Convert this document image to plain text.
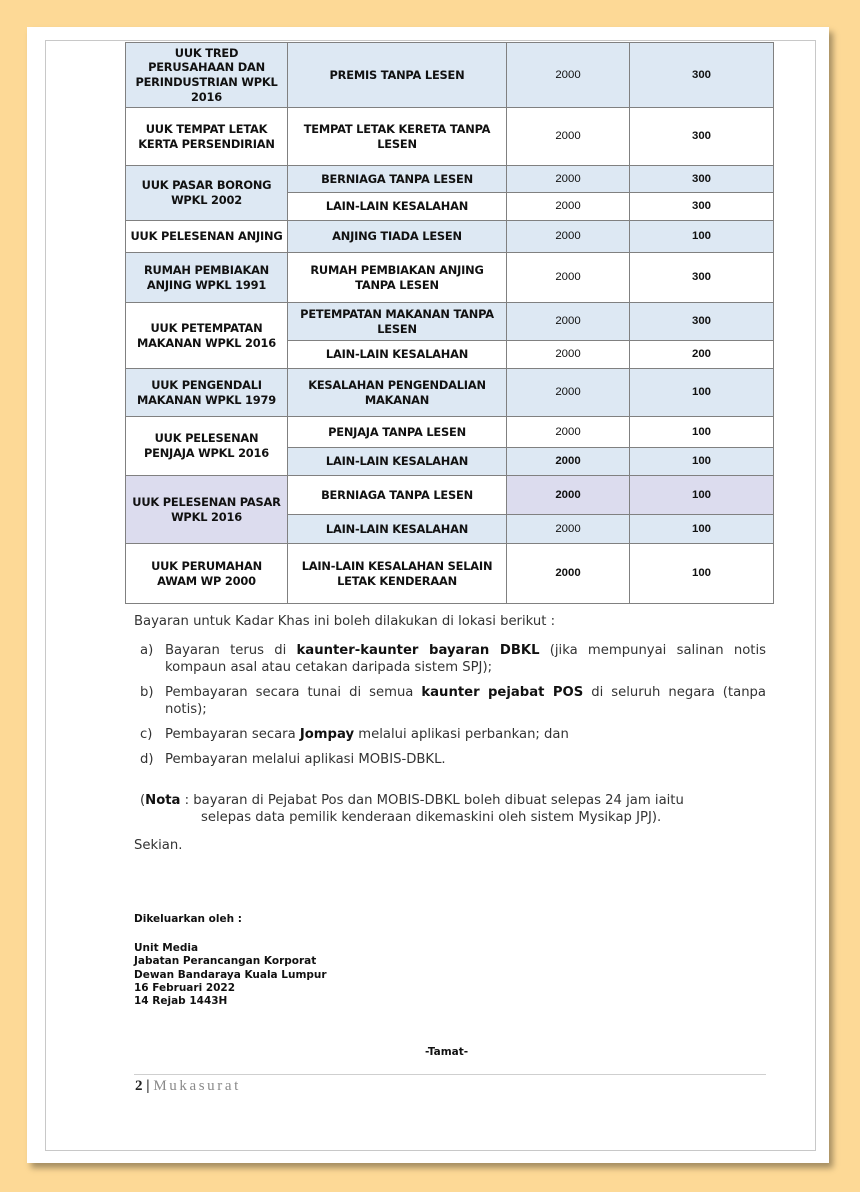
UUK TRED PERUSAHAAN DAN PERINDUSTRIAN WPKL 2016	PREMIS TANPA LESEN	2000	300
UUK TEMPAT LETAK KERTA PERSENDIRIAN	TEMPAT LETAK KERETA TANPA LESEN	2000	300
UUK PASAR BORONG WPKL 2002	BERNIAGA TANPA LESEN	2000	300
	LAIN-LAIN KESALAHAN	2000	300
UUK PELESENAN ANJING	ANJING TIADA LESEN	2000	100
RUMAH PEMBIAKAN ANJING WPKL 1991	RUMAH PEMBIAKAN ANJING TANPA LESEN	2000	300
UUK PETEMPATAN MAKANAN WPKL 2016	PETEMPATAN MAKANAN TANPA LESEN	2000	300
	LAIN-LAIN KESALAHAN	2000	200
UUK PENGENDALI MAKANAN WPKL 1979	KESALAHAN PENGENDALIAN MAKANAN	2000	100
UUK PELESENAN PENJAJA WPKL 2016	PENJAJA TANPA LESEN	2000	100
	LAIN-LAIN KESALAHAN	2000	100
UUK PELESENAN PASAR WPKL 2016	BERNIAGA TANPA LESEN	2000	100
	LAIN-LAIN KESALAHAN	2000	100
UUK PERUMAHAN AWAM WP 2000	LAIN-LAIN KESALAHAN SELAIN LETAK KENDERAAN	2000	100
Bayaran untuk Kadar Khas ini boleh dilakukan di lokasi berikut :
a) Bayaran terus di kaunter-kaunter bayaran DBKL (jika mempunyai salinan notis kompaun asal atau cetakan daripada sistem SPJ);
b) Pembayaran secara tunai di semua kaunter pejabat POS di seluruh negara (tanpa notis);
c) Pembayaran secara Jompay melalui aplikasi perbankan; dan
d) Pembayaran melalui aplikasi MOBIS-DBKL.
(Nota : bayaran di Pejabat Pos dan MOBIS-DBKL boleh dibuat selepas 24 jam iaitu
selepas data pemilik kenderaan dikemaskini oleh sistem Mysikap JPJ).
Sekian.
Dikeluarkan oleh :
Unit Media
Jabatan Perancangan Korporat
Dewan Bandaraya Kuala Lumpur
16 Februari 2022
14 Rejab 1443H
-Tamat-
2 | Mukasurat
